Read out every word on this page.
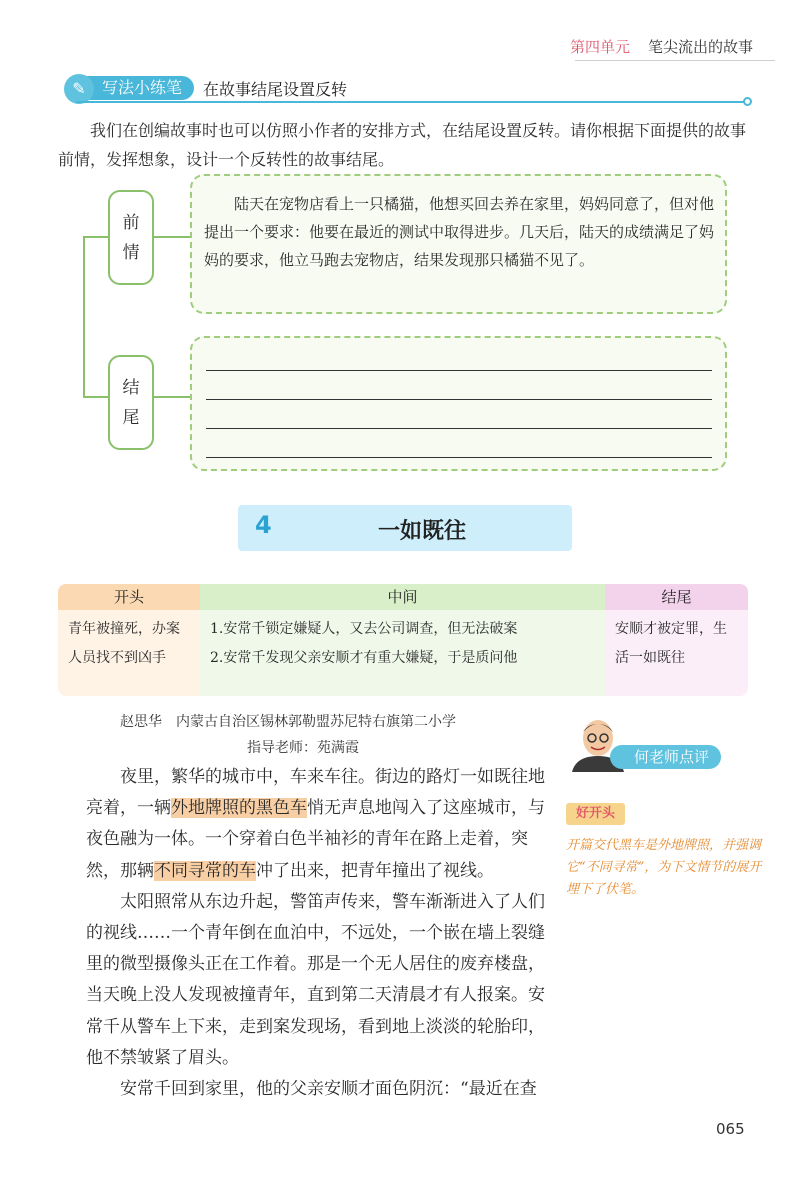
第四单元 笔尖流出的故事
写法小练笔
✎	在故事结尾设置反转
我们在创编故事时也可以仿照小作者的安排方式，在结尾设置反转。请你根据下面提供的故事前情，发挥想象，设计一个反转性的故事结尾。
前
情
结
尾
陆天在宠物店看上一只橘猫，他想买回去养在家里，妈妈同意了，但对他提出一个要求：他要在最近的测试中取得进步。几天后，陆天的成绩满足了妈妈的要求，他立马跑去宠物店，结果发现那只橘猫不见了。
4	一如既往
开头
青年被撞死，办案
人员找不到凶手
中间
1.安常千锁定嫌疑人，又去公司调查，但无法破案
2.安常千发现父亲安顺才有重大嫌疑，于是质问他
结尾
安顺才被定罪，生
活一如既往
赵思华　内蒙古自治区锡林郭勒盟苏尼特右旗第二小学
指导老师：苑满霞

夜里，繁华的城市中，车来车往。街边的路灯一如既往地亮着，一辆外地牌照的黑色车悄无声息地闯入了这座城市，与夜色融为一体。一个穿着白色半袖衫的青年在路上走着，突然，那辆不同寻常的车冲了出来，把青年撞出了视线。

太阳照常从东边升起，警笛声传来，警车渐渐进入了人们的视线……一个青年倒在血泊中，不远处，一个嵌在墙上裂缝里的微型摄像头正在工作着。那是一个无人居住的废弃楼盘，当天晚上没人发现被撞青年，直到第二天清晨才有人报案。安常千从警车上下来，走到案发现场，看到地上淡淡的轮胎印，他不禁皱紧了眉头。

安常千回到家里，他的父亲安顺才面色阴沉：“最近在查

何老师点评
好开头
开篇交代黑车是外地牌照，并强调它“不同寻常”，为下文情节的展开埋下了伏笔。
065
